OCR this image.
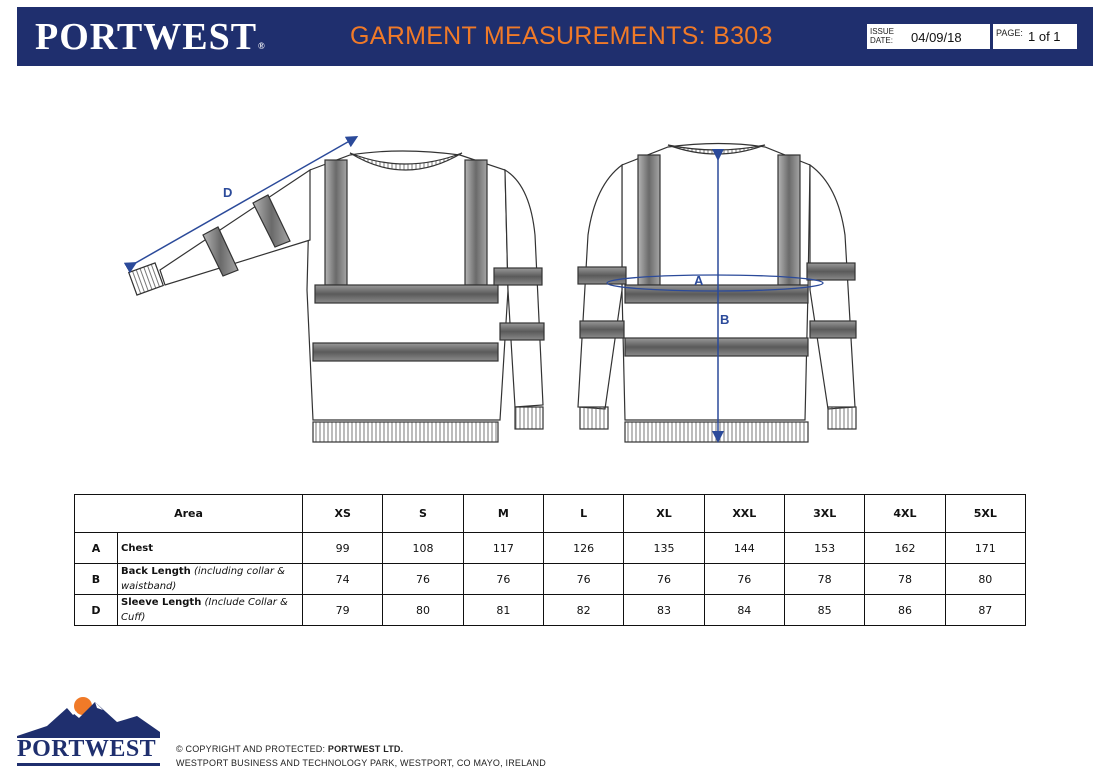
PORTWEST®	GARMENT MEASUREMENTS: B303	ISSUE DATE: 04/09/18	PAGE: 1 of 1
D
A
B
Area		XS	S	M	L	XL	XXL	3XL	4XL	5XL
A	Chest	99	108	117	126	135	144	153	162	171
B	Back Length (including collar & waistband)	74	76	76	76	76	76	78	78	80
D	Sleeve Length (Include Collar & Cuff)	79	80	81	82	83	84	85	86	87
PORTWEST © COPYRIGHT AND PROTECTED: PORTWEST LTD.
WESTPORT BUSINESS AND TECHNOLOGY PARK, WESTPORT, CO MAYO, IRELAND
